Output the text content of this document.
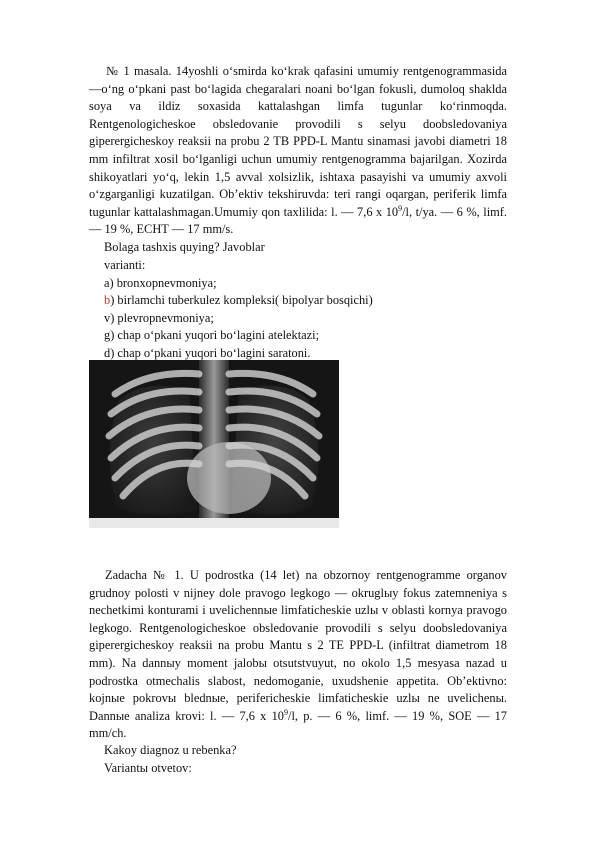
№ 1 masala. 14yoshli oʻsmirda koʻkrak qafasini umumiy rentgenogrammasida —oʻng oʻpkani past boʻlagida chegaralari noani boʻlgan fokusli, dumoloq shaklda soya va ildiz soxasida kattalashgan limfa tugunlar koʻrinmoqda. Rentgenologicheskoe obsledovanie provodili s selyu doobsledovaniya giperergicheskoy reaksii na probu 2 TB PPD-L Mantu sinamasi javobi diametri 18 mm infiltrat xosil boʻlganligi uchun umumiy rentgenogramma bajarilgan. Xozirda shikoyatlari yoʻq, lekin 1,5 avval xolsizlik, ishtaxa pasayishi va umumiy axvoli oʻzgarganligi kuzatilgan. Obʼektiv tekshiruvda: teri rangi oqargan, periferik limfa tugunlar kattalashmagan.Umumiy qon taxlilida: l. — 7,6 x $10^9/l$, t/ya. — 6 %, limf. — 19 %, ECHT — 17 mm/s.

Bolaga tashxis quying? Javoblar

varianti:

a) bronxopnevmoniya;

b) birlamchi tuberkulez kompleksi( bipolyar bosqichi)

v) plevropnevmoniya;

g) chap oʻpkani yuqori boʻlagini atelektazi;

d) chap oʻpkani yuqori boʻlagini saratoni.

Zadacha № 1. U podrostka (14 let) na obzornoy rentgenogramme organov grudnoy polosti v nijney dole pravogo legkogo — okruglыy fokus zatemneniya s nechetkimi konturami i uvelichennыe limfaticheskie uzlы v oblasti kornya pravogo legkogo. Rentgenologicheskoe obsledovanie provodili s selyu doobsledovaniya giperergicheskoy reaksii na probu Mantu s 2 TE PPD-L (infiltrat diametrom 18 mm). Na dannыy moment jalobы otsutstvuyut, no okolo 1,5 mesyasa nazad u podrostka otmechalis slabost, nedomoganie, uxudshenie appetita. Obʼektivno: kojnыe pokrovы blednыe, perifericheskie limfaticheskie uzlы ne uvelichenы. Dannыe analiza krovi: l. — 7,6 x $10^9/l$, p. — 6 %, limf. — 19 %, SOE — 17 mm/ch.

Kakoy diagnoz u rebenka?

Variantы otvetov:
